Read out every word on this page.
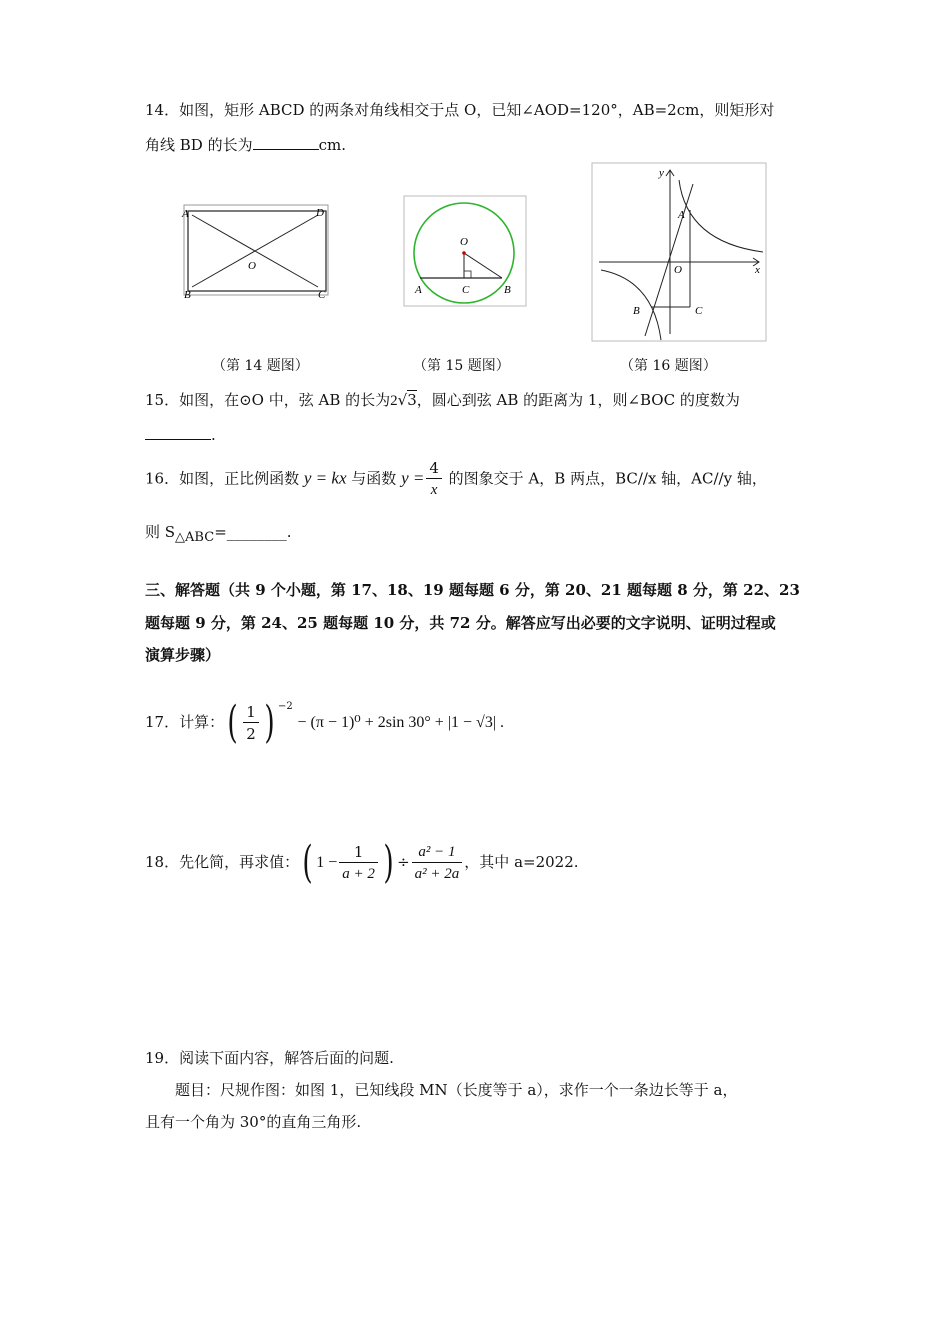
14．如图，矩形 ABCD 的两条对角线相交于点 O，已知∠AOD=120°，AB=2cm，则矩形对
角线 BD 的长为	cm.
A	D
B	C
O
O
A	C	B
y
x
A
O
B	C
（第 14 题图）	（第 15 题图）	（第 16 题图）
15．如图，在⊙O 中，弦 AB 的长为2√3，圆心到弦 AB 的距离为 1，则∠BOC 的度数为
.
16．如图，正比例函数 y = kx 与函数 $y = \frac{4}{x}$ 的图象交于 A，B 两点，BC//x 轴，AC//y 轴，
则 $S_{\triangle ABC}=\_\_\_\_\_\_\_\_$.
三、解答题（共 9 个小题，第 17、18、19 题每题 6 分，第 20、21 题每题 8 分，第 22、23
题每题 9 分，第 24、25 题每题 10 分，共 72 分。解答应写出必要的文字说明、证明过程或
演算步骤）
17．计算：( $\frac{1}{2}$ ) $^{-2}$ − (π − 1)⁰ + 2sin 30° + |1 − √3| .
18．先化简，再求值：( $1 - \frac{1}{a + 2}$ ) ÷ $\frac{\text{a² − 1}}{\text{a² + 2a}}$ ，其中 a=2022.
19．阅读下面内容，解答后面的问题.
题目：尺规作图：如图 1，已知线段 MN（长度等于 a），求作一个一条边长等于 a，
且有一个角为 30°的直角三角形.
